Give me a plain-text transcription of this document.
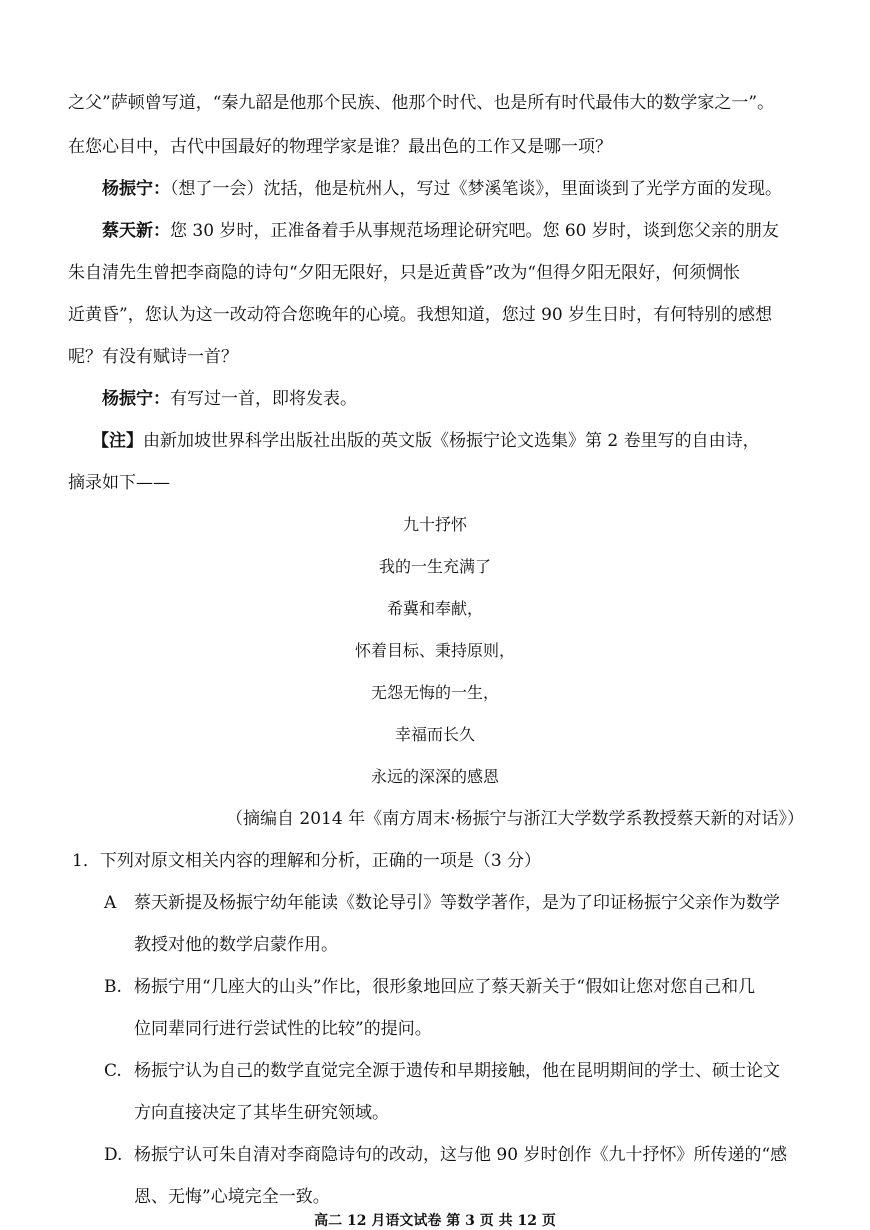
之父”萨顿曾写道，“秦九韶是他那个民族、他那个时代、也是所有时代最伟大的数学家之一”。
在您心目中，古代中国最好的物理学家是谁？最出色的工作又是哪一项？
杨振宁：（想了一会）沈括，他是杭州人，写过《梦溪笔谈》，里面谈到了光学方面的发现。
蔡天新：您 30 岁时，正准备着手从事规范场理论研究吧。您 60 岁时，谈到您父亲的朋友
朱自清先生曾把李商隐的诗句“夕阳无限好，只是近黄昏”改为“但得夕阳无限好，何须惆怅
近黄昏”，您认为这一改动符合您晚年的心境。我想知道，您过 90 岁生日时，有何特别的感想
呢？有没有赋诗一首？
杨振宁：有写过一首，即将发表。
【注】由新加坡世界科学出版社出版的英文版《杨振宁论文选集》第 2 卷里写的自由诗，
摘录如下——
九十抒怀
我的一生充满了
希冀和奉献，
怀着目标、秉持原则，
无怨无悔的一生，
幸福而长久
永远的深深的感恩
（摘编自 2014 年《南方周末·杨振宁与浙江大学数学系教授蔡天新的对话》）
1．下列对原文相关内容的理解和分析，正确的一项是（3 分）
A 蔡天新提及杨振宁幼年能读《数论导引》等数学著作，是为了印证杨振宁父亲作为数学
教授对他的数学启蒙作用。
B. 杨振宁用“几座大的山头”作比，很形象地回应了蔡天新关于“假如让您对您自己和几
位同辈同行进行尝试性的比较”的提问。
C. 杨振宁认为自己的数学直觉完全源于遗传和早期接触，他在昆明期间的学士、硕士论文
方向直接决定了其毕生研究领域。
D. 杨振宁认可朱自清对李商隐诗句的改动，这与他 90 岁时创作《九十抒怀》所传递的“感
恩、无悔”心境完全一致。
高二 12 月语文试卷 第 3 页 共 12 页
